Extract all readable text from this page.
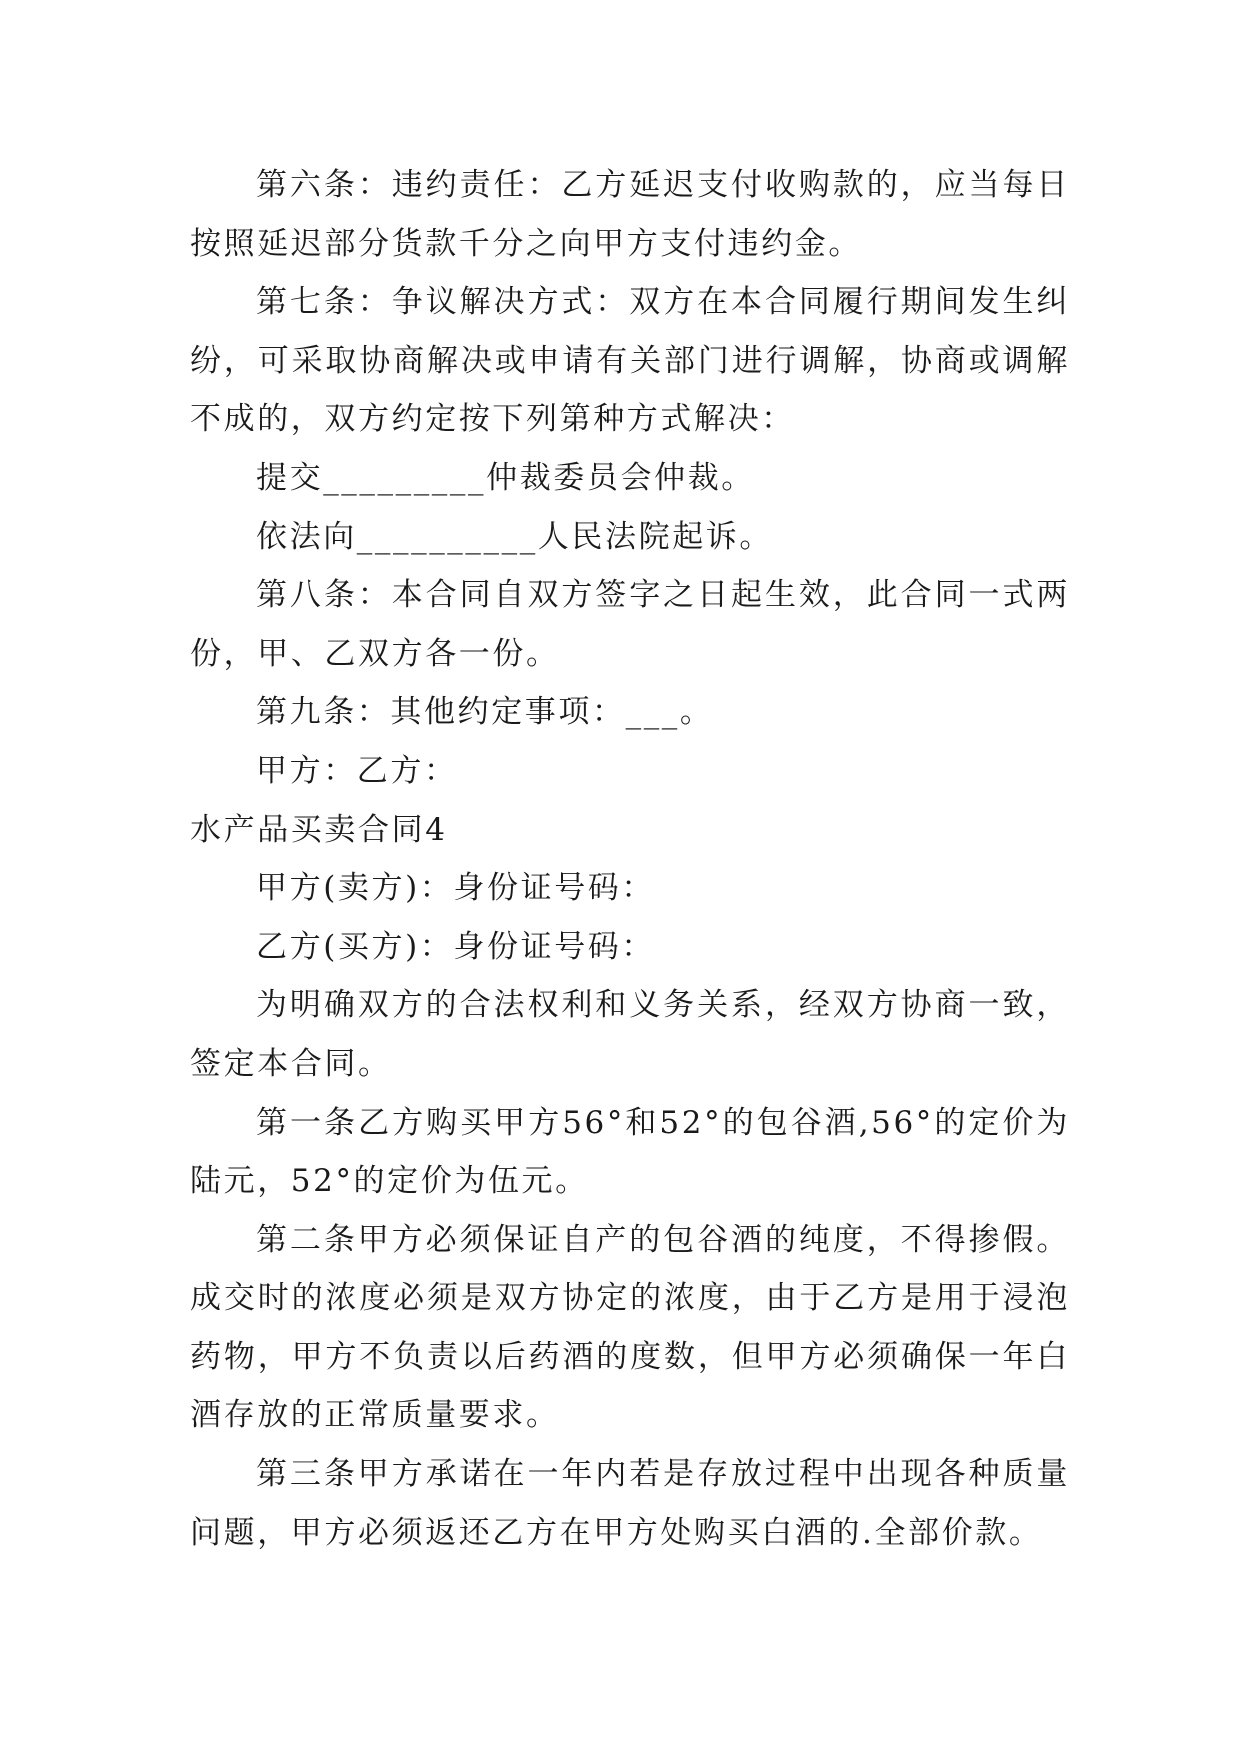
第六条：违约责任：乙方延迟支付收购款的，应当每日按照延迟部分货款千分之向甲方支付违约金。

第七条：争议解决方式：双方在本合同履行期间发生纠纷，可采取协商解决或申请有关部门进行调解，协商或调解不成的，双方约定按下列第种方式解决：

提交_________仲裁委员会仲裁。

依法向__________人民法院起诉。

第八条：本合同自双方签字之日起生效，此合同一式两份，甲、乙双方各一份。

第九条：其他约定事项：___。

甲方：乙方：

水产品买卖合同4

甲方(卖方)：身份证号码：

乙方(买方)：身份证号码：

为明确双方的合法权利和义务关系，经双方协商一致，签定本合同。

第一条乙方购买甲方56°和52°的包谷酒,56°的定价为陆元，52°的定价为伍元。

第二条甲方必须保证自产的包谷酒的纯度，不得掺假。成交时的浓度必须是双方协定的浓度，由于乙方是用于浸泡药物，甲方不负责以后药酒的度数，但甲方必须确保一年白酒存放的正常质量要求。

第三条甲方承诺在一年内若是存放过程中出现各种质量问题，甲方必须返还乙方在甲方处购买白酒的.全部价款。
